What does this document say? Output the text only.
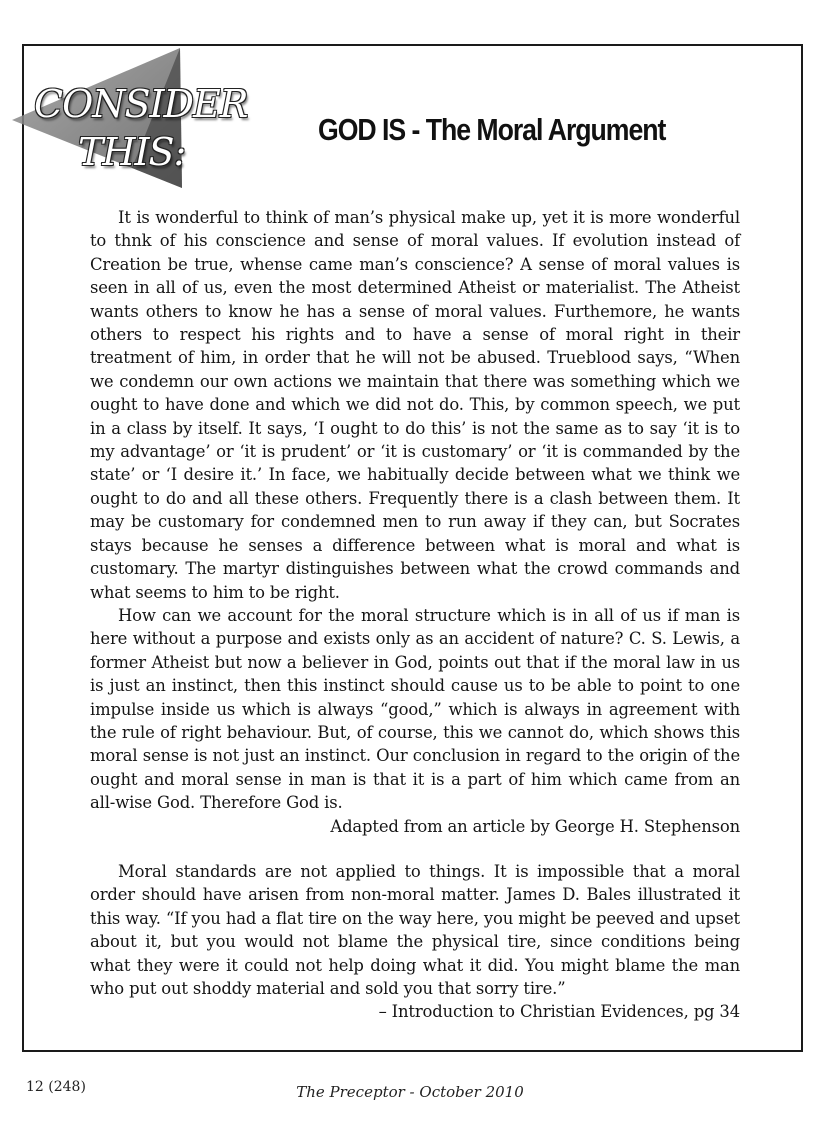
CONSIDER
THIS:
GOD IS - The Moral Argument

It is wonderful to think of man’s physical make up, yet it is more wonderful to thnk of his conscience and sense of moral values. If evolution instead of Creation be true, whense came man’s conscience? A sense of moral values is seen in all of us, even the most determined Atheist or materialist. The Atheist wants others to know he has a sense of moral values. Furthemore, he wants others to respect his rights and to have a sense of moral right in their treatment of him, in order that he will not be abused. Trueblood says, “When we condemn our own actions we maintain that there was something which we ought to have done and which we did not do. This, by common speech, we put in a class by itself. It says, ‘I ought to do this’ is not the same as to say ‘it is to my advantage’ or ‘it is prudent’ or ‘it is customary’ or ‘it is commanded by the state’ or ‘I desire it.’ In face, we habitually decide between what we think we ought to do and all these others. Frequently there is a clash between them. It may be customary for condemned men to run away if they can, but Socrates stays because he senses a difference between what is moral and what is customary. The martyr distinguishes between what the crowd commands and what seems to him to be right.

How can we account for the moral structure which is in all of us if man is here without a purpose and exists only as an accident of nature? C. S. Lewis, a former Atheist but now a believer in God, points out that if the moral law in us is just an instinct, then this instinct should cause us to be able to point to one impulse inside us which is always “good,” which is always in agreement with the rule of right behaviour. But, of course, this we cannot do, which shows this moral sense is not just an instinct. Our conclusion in regard to the origin of the ought and moral sense in man is that it is a part of him which came from an all-wise God. Therefore God is.

Adapted from an article by George H. Stephenson

Moral standards are not applied to things. It is impossible that a moral order should have arisen from non-moral matter. James D. Bales illustrated it this way. “If you had a flat tire on the way here, you might be peeved and upset about it, but you would not blame the physical tire, since conditions being what they were it could not help doing what it did. You might blame the man who put out shoddy material and sold you that sorry tire.”

– Introduction to Christian Evidences, pg 34

12 (248)	The Preceptor - October 2010
